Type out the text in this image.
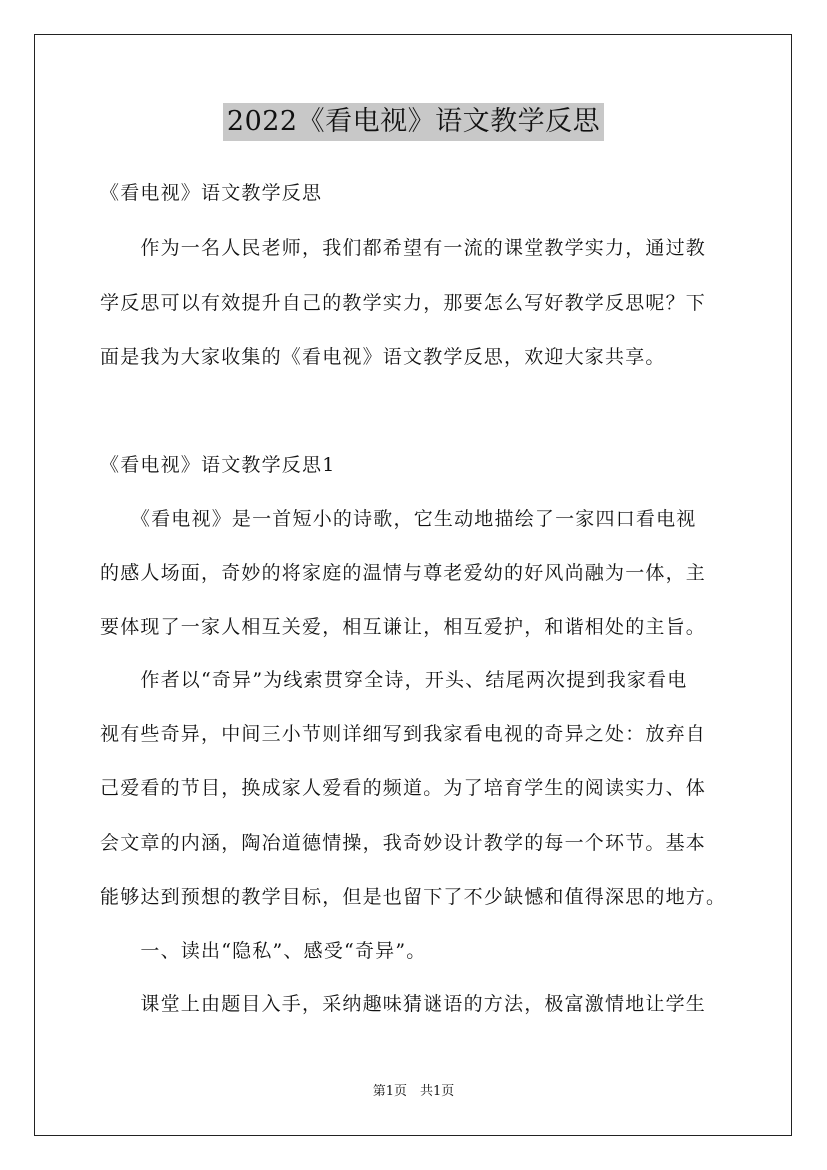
2022《看电视》语文教学反思
《看电视》语文教学反思
　　作为一名人民老师，我们都希望有一流的课堂教学实力，通过教
学反思可以有效提升自己的教学实力，那要怎么写好教学反思呢？下
面是我为大家收集的《看电视》语文教学反思，欢迎大家共享。
《看电视》语文教学反思1
　　《看电视》是一首短小的诗歌，它生动地描绘了一家四口看电视
的感人场面，奇妙的将家庭的温情与尊老爱幼的好风尚融为一体，主
要体现了一家人相互关爱，相互谦让，相互爱护，和谐相处的主旨。
　　作者以“奇异”为线索贯穿全诗，开头、结尾两次提到我家看电
视有些奇异，中间三小节则详细写到我家看电视的奇异之处：放弃自
己爱看的节目，换成家人爱看的频道。为了培育学生的阅读实力、体
会文章的内涵，陶冶道德情操，我奇妙设计教学的每一个环节。基本
能够达到预想的教学目标，但是也留下了不少缺憾和值得深思的地方。
　　一、读出“隐私”、感受“奇异”。
　　课堂上由题目入手，采纳趣味猜谜语的方法，极富激情地让学生
第1页　共1页
